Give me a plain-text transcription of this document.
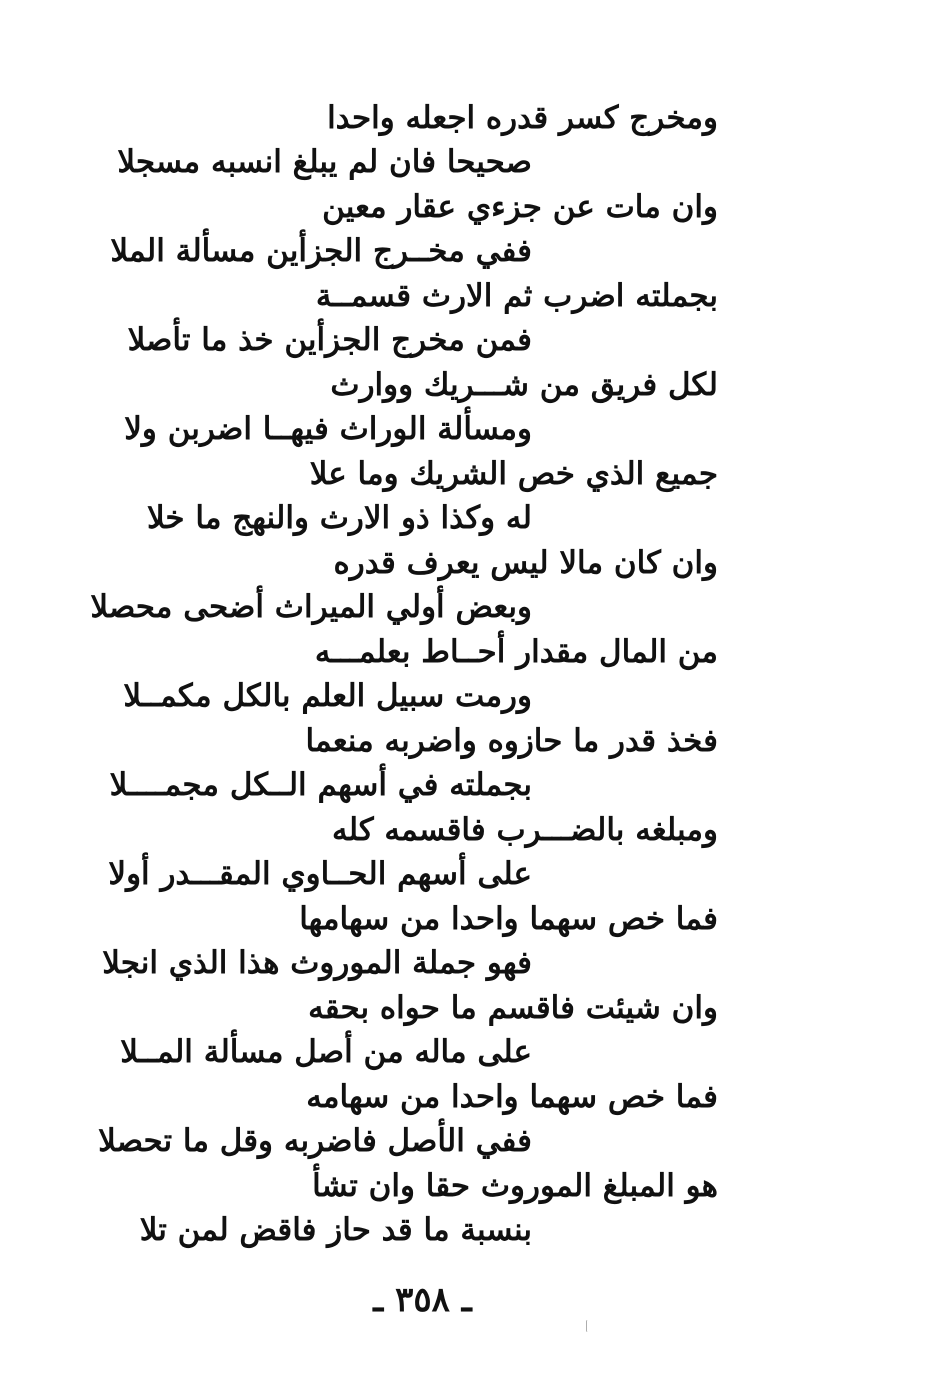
ومخرج كسر قدره اجعله واحدا
صحيحا فان لم يبلغ انسبه مسجلا
وان مات عن جزءي عقار معين
ففي مخــرج الجزأين مسألة الملا
بجملته اضرب ثم الارث قسمــة
فمن مخرج الجزأين خذ ما تأصلا
لكل فريق من شـــريك ووارث
ومسألة الوراث فيهــا اضربن ولا
جميع الذي خص الشريك وما علا
له وكذا ذو الارث والنهج ما خلا
وان كان مالا ليس يعرف قدره
وبعض أولي الميراث أضحى محصلا
من المال مقدار أحــاط بعلمـــه
ورمت سبيل العلم بالكل مكمــلا
فخذ قدر ما حازوه واضربه منعما
بجملته في أسهم الــكل مجمــــلا
ومبلغه بالضـــرب فاقسمه كله
على أسهم الحــاوي المقـــدر أولا
فما خص سهما واحدا من سهامها
فهو جملة الموروث هذا الذي انجلا
وان شيئت فاقسم ما حواه بحقه
على ماله من أصل مسألة المــلا
فما خص سهما واحدا من سهامه
ففي الأصل فاضربه وقل ما تحصلا
هو المبلغ الموروث حقا وان تشأ
بنسبة ما قد حاز فاقض لمن تلا
ـ ٣٥٨ ـ
